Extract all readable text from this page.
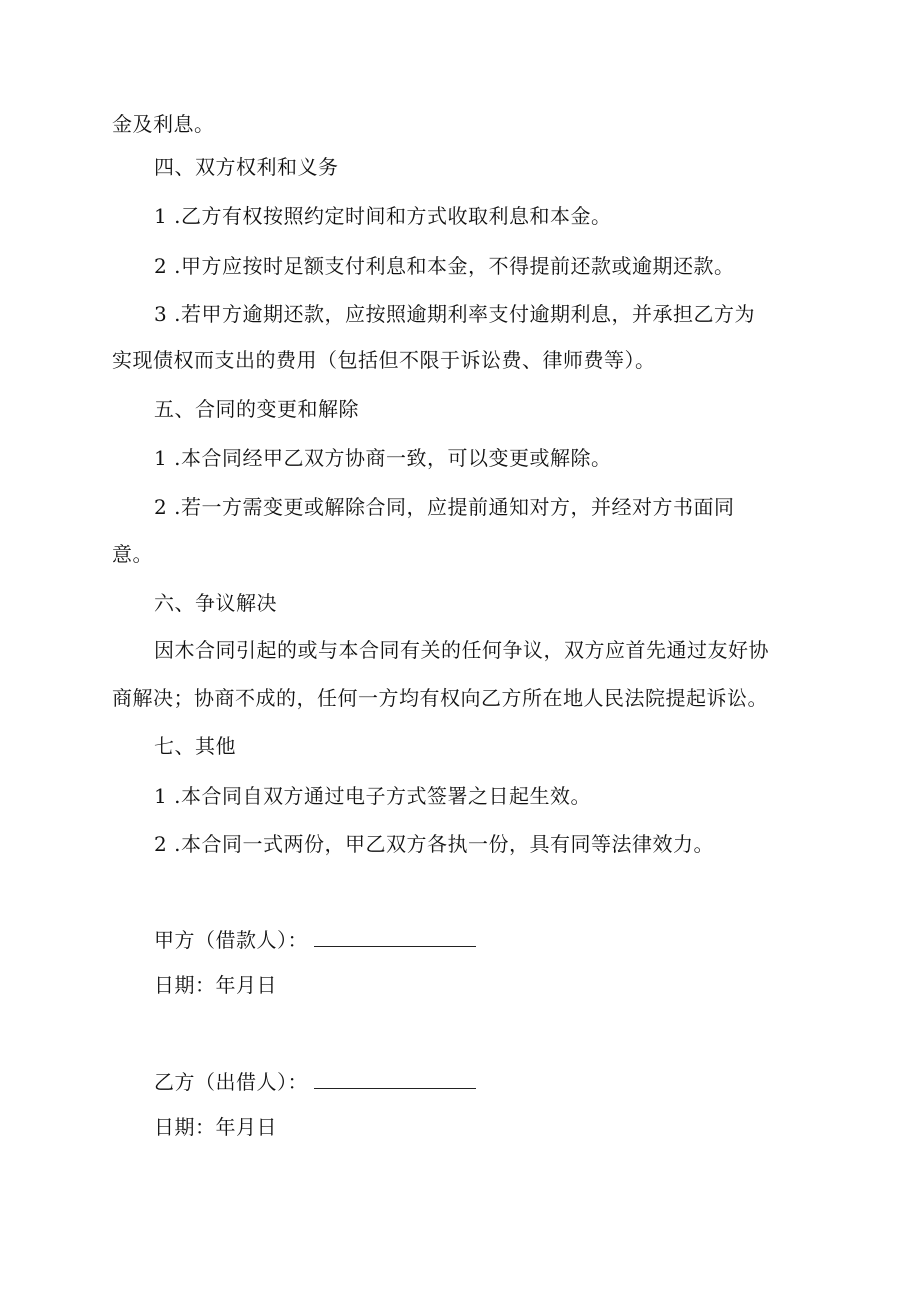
金及利息。
四、双方权利和义务
1 .乙方有权按照约定时间和方式收取利息和本金。
2 .甲方应按时足额支付利息和本金，不得提前还款或逾期还款。
3 .若甲方逾期还款，应按照逾期利率支付逾期利息，并承担乙方为
实现债权而支出的费用（包括但不限于诉讼费、律师费等）。
五、合同的变更和解除
1 .本合同经甲乙双方协商一致，可以变更或解除。
2 .若一方需变更或解除合同，应提前通知对方，并经对方书面同
意。
六、争议解决
因木合同引起的或与本合同有关的任何争议，双方应首先通过友好协
商解决；协商不成的，任何一方均有权向乙方所在地人民法院提起诉讼。
七、其他
1 .本合同自双方通过电子方式签署之日起生效。
2 .本合同一式两份，甲乙双方各执一份，具有同等法律效力。
甲方（借款人）：
日期：年月日
乙方（出借人）：
日期：年月日
